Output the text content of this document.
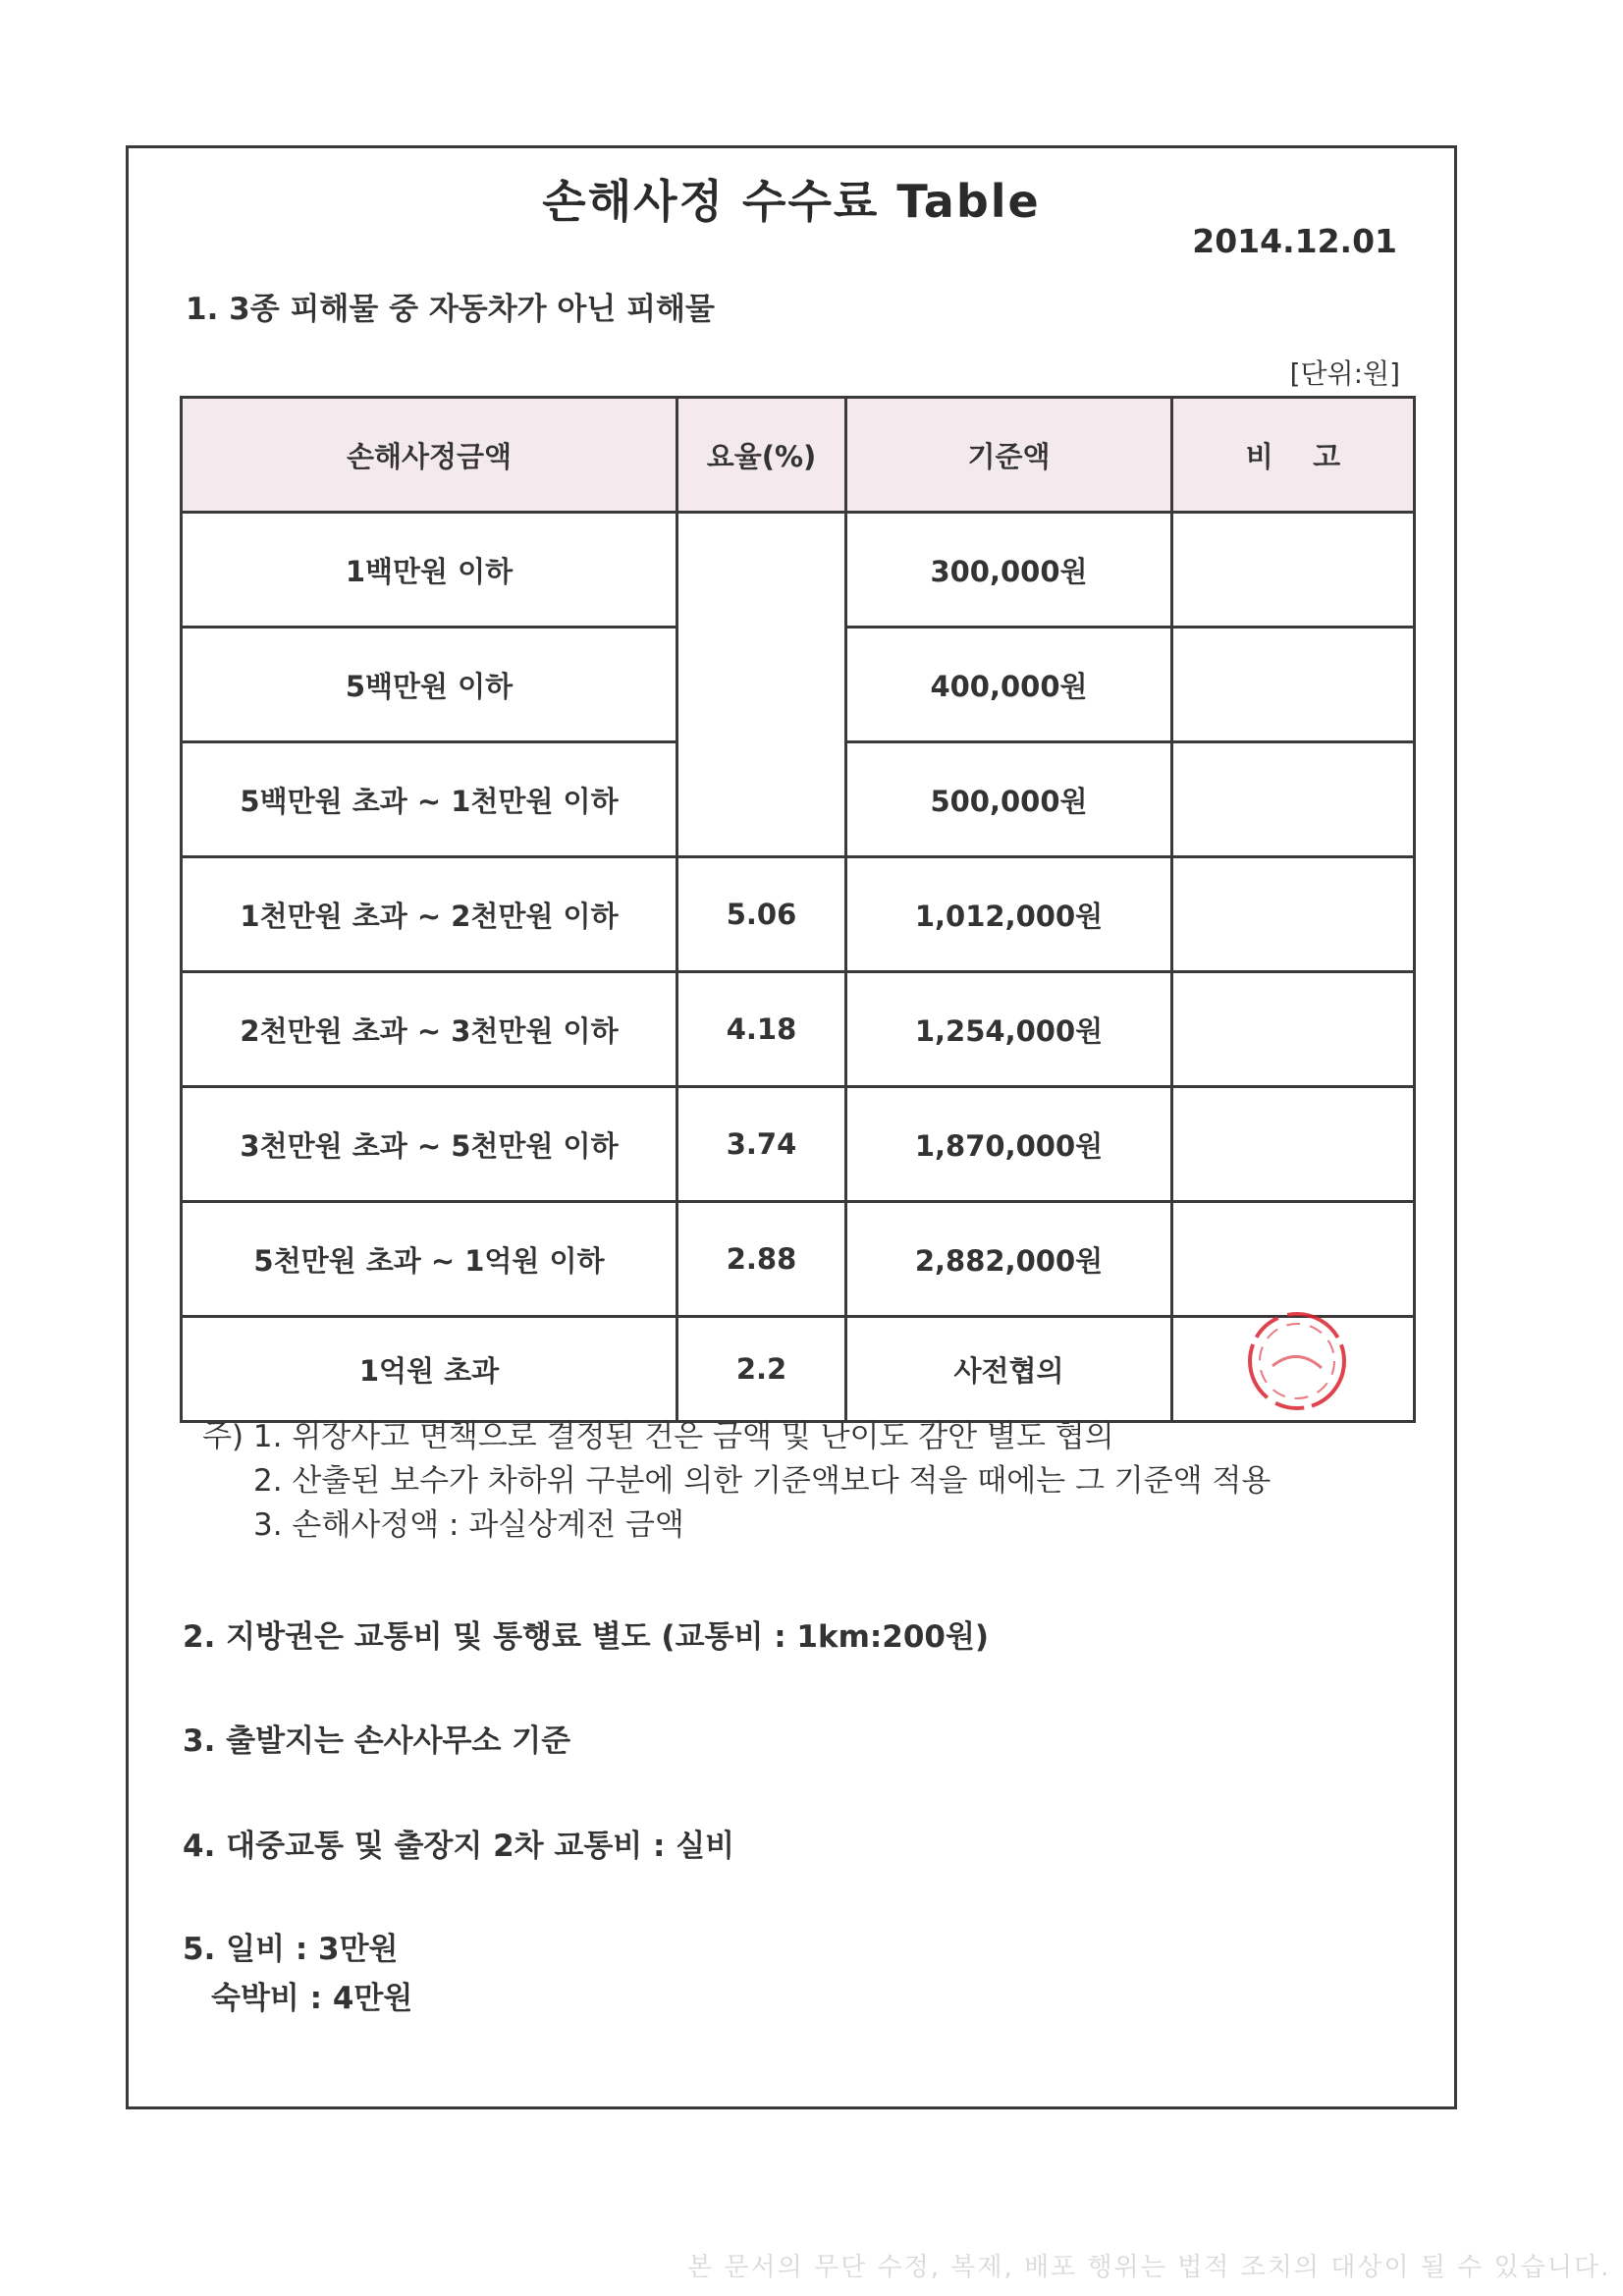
손해사정 수수료 Table
2014.12.01
1. 3종 피해물 중 자동차가 아닌 피해물
[단위:원]
손해사정금액	요율(%)	기준액	비    고
1백만원 이하		300,000원	
5백만원 이하		400,000원	
5백만원 초과 ~ 1천만원 이하		500,000원	
1천만원 초과 ~ 2천만원 이하	5.06	1,012,000원	
2천만원 초과 ~ 3천만원 이하	4.18	1,254,000원	
3천만원 초과 ~ 5천만원 이하	3.74	1,870,000원	
5천만원 초과 ~ 1억원 이하	2.88	2,882,000원	
1억원 초과	2.2	사전협의	
주) 1. 위장사고 면책으로 결정된 건은 금액 및 난이도 감안 별도 협의
2. 산출된 보수가 차하위 구분에 의한 기준액보다 적을 때에는 그 기준액 적용
3. 손해사정액 : 과실상계전 금액
2. 지방권은 교통비 및 통행료 별도 (교통비 : 1km:200원)
3. 출발지는 손사사무소 기준
4. 대중교통 및 출장지 2차 교통비 : 실비
5. 일비 : 3만원
숙박비 : 4만원
본 문서의 무단 수정, 복제, 배포 행위는 법적 조치의 대상이 될 수 있습니다.
